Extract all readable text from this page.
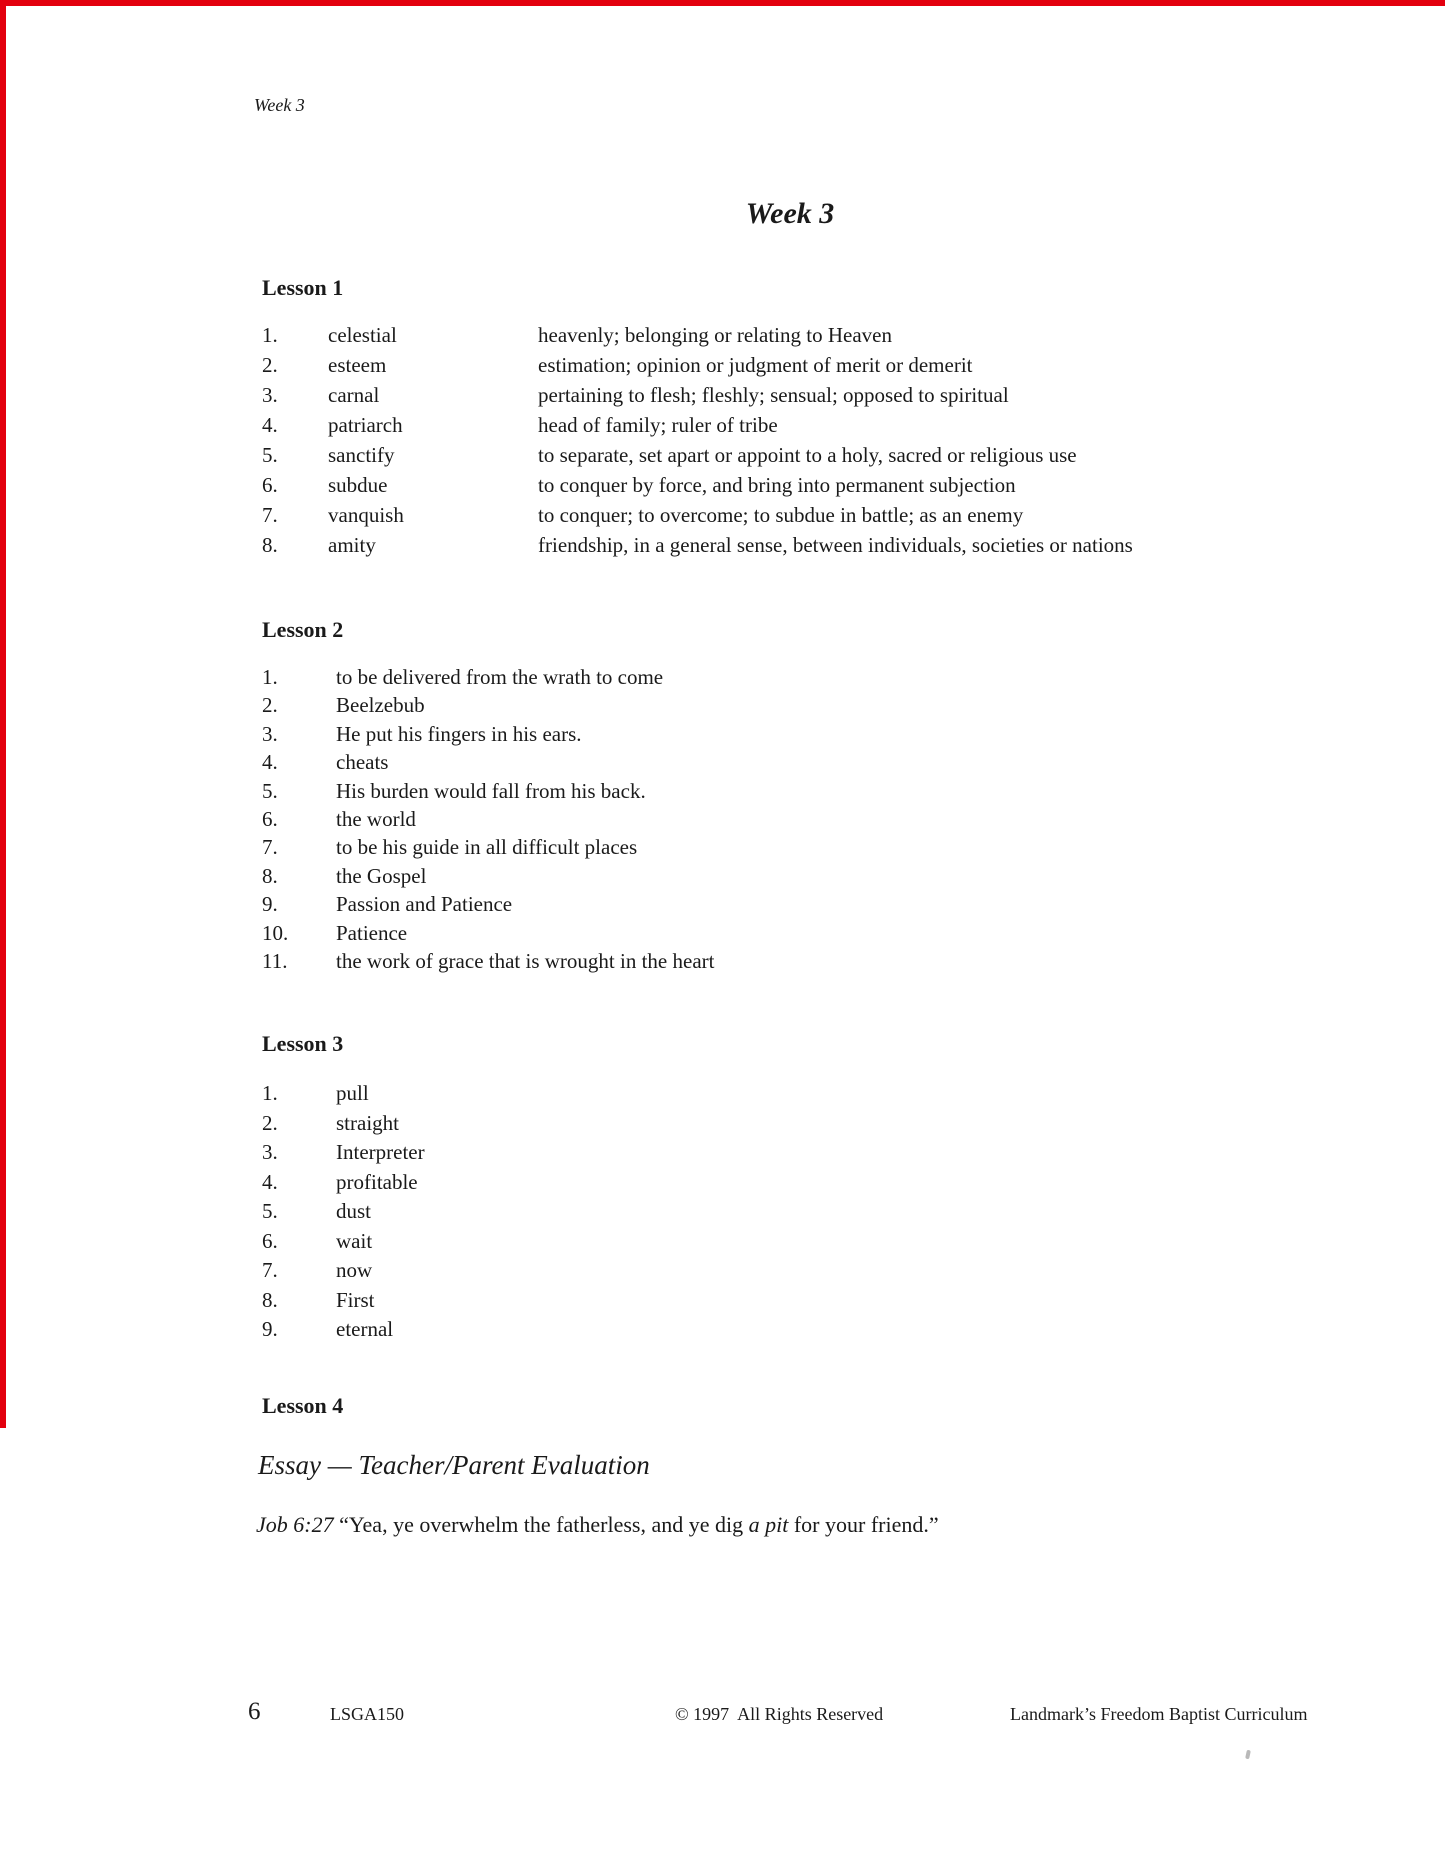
Week 3
Week 3
Lesson 1
1. celestial	heavenly; belonging or relating to Heaven
2. esteem	estimation; opinion or judgment of merit or demerit
3. carnal	pertaining to flesh; fleshly; sensual; opposed to spiritual
4. patriarch	head of family; ruler of tribe
5. sanctify	to separate, set apart or appoint to a holy, sacred or religious use
6. subdue	to conquer by force, and bring into permanent subjection
7. vanquish	to conquer; to overcome; to subdue in battle; as an enemy
8. amity	friendship, in a general sense, between individuals, societies or nations
Lesson 2
1.	to be delivered from the wrath to come
2.	Beelzebub
3.	He put his fingers in his ears.
4.	cheats
5.	His burden would fall from his back.
6.	the world
7.	to be his guide in all difficult places
8.	the Gospel
9.	Passion and Patience
10. Patience
11. the work of grace that is wrought in the heart
Lesson 3
1.	pull
2.	straight
3.	Interpreter
4.	profitable
5.	dust
6.	wait
7.	now
8.	First
9.	eternal
Lesson 4
Essay — Teacher/Parent Evaluation
Job 6:27 “Yea, ye overwhelm the fatherless, and ye dig a pit for your friend.”
6	LSGA150	© 1997  All Rights Reserved	Landmark’s Freedom Baptist Curriculum
